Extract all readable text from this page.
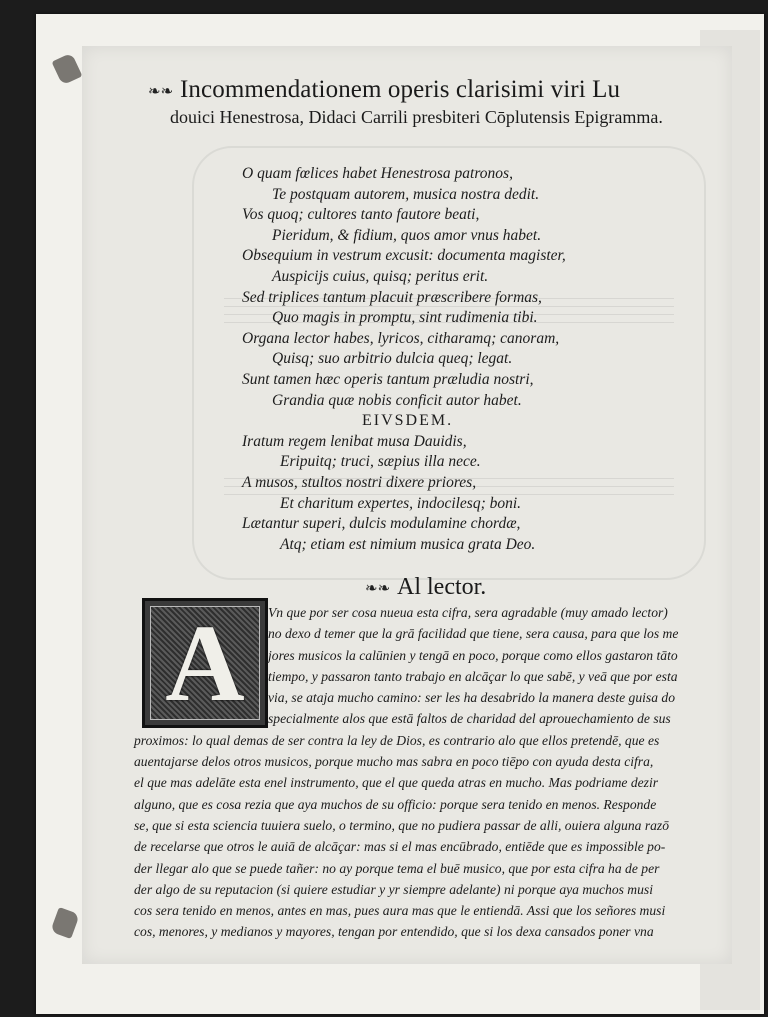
❧❧ Incommendationem operis clarisimi viri Lu
douici Henestrosa, Didaci Carrili presbiteri Cōplutensis Epigramma.
O quam fœlices habet Henestrosa patronos,
Te postquam autorem, musica nostra dedit.
Vos quoq; cultores tanto fautore beati,
Pieridum, & fidium, quos amor vnus habet.
Obsequium in vestrum excusit: documenta magister,
Auspicijs cuius, quisq; peritus erit.
Sed triplices tantum placuit præscribere formas,
Quo magis in promptu, sint rudimenia tibi.
Organa lector habes, lyricos, citharamq; canoram,
Quisq; suo arbitrio dulcia queq; legat.
Sunt tamen hæc operis tantum præludia nostri,
Grandia quæ nobis conficit autor habet.
EIVSDEM.
Iratum regem lenibat musa Dauidis,
Eripuitq; truci, sæpius illa nece.
A musos, stultos nostri dixere priores,
Et charitum expertes, indocilesq; boni.
Lætantur superi, dulcis modulamine chordæ,
Atq; etiam est nimium musica grata Deo.
❧❧ Al lector.
A	Vn que por ser cosa nueua esta cifra, sera agradable (muy amado lector)
no dexo d temer que la grā facilidad que tiene, sera causa, para que los me
jores musicos la calūnien y tengā en poco, porque como ellos gastaron tāto
tiempo, y passaron tanto trabajo en alcāçar lo que sabē, y veā que por esta
via, se ataja mucho camino: ser les ha desabrido la manera deste guisa do
specialmente alos que estā faltos de charidad del aprouechamiento de sus
proximos: lo qual demas de ser contra la ley de Dios, es contrario alo que ellos pretendē, que es
auentajarse delos otros musicos, porque mucho mas sabra en poco tiēpo con ayuda desta cifra,
el que mas adelāte esta enel instrumento, que el que queda atras en mucho. Mas podriame dezir
alguno, que es cosa rezia que aya muchos de su officio: porque sera tenido en menos. Responde
se, que si esta sciencia tuuiera suelo, o termino, que no pudiera passar de alli, ouiera alguna razō
de recelarse que otros le auiā de alcāçar: mas si el mas encūbrado, entiēde que es impossible po-
der llegar alo que se puede tañer: no ay porque tema el buē musico, que por esta cifra ha de per
der algo de su reputacion (si quiere estudiar y yr siempre adelante) ni porque aya muchos musi
cos sera tenido en menos, antes en mas, pues aura mas que le entiendā. Assi que los señores musi
cos, menores, y medianos y mayores, tengan por entendido, que si los dexa cansados poner vna
